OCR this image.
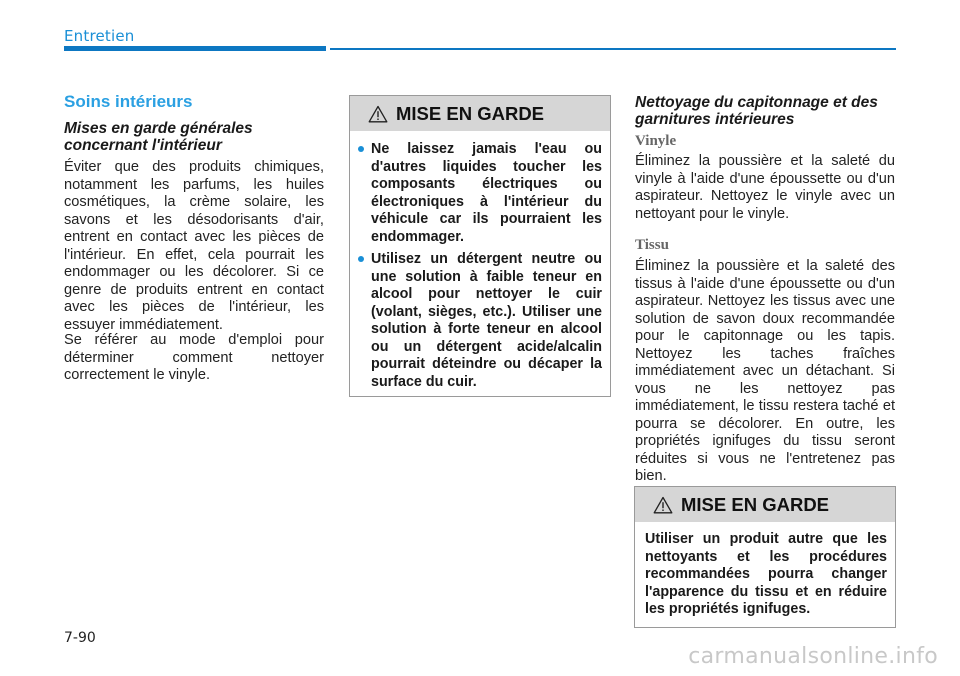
Entretien
Soins intérieurs
Mises en garde générales concernant l'intérieur

Éviter que des produits chimiques, notamment les parfums, les huiles cosmétiques, la crème solaire, les savons et les désodorisants d'air, entrent en contact avec les pièces de l'intérieur. En effet, cela pourrait les endommager ou les décolorer. Si ce genre de produits entrent en contact avec les pièces de l'intérieur, les essuyer immédiatement.

Se référer au mode d'emploi pour déterminer comment nettoyer correctement le vinyle.

MISE EN GARDE
Ne laissez jamais l'eau ou d'autres liquides toucher les composants électriques ou électroniques à l'intérieur du véhicule car ils pourraient les endommager.
Utilisez un détergent neutre ou une solution à faible teneur en alcool pour nettoyer le cuir (volant, sièges, etc.). Utiliser une solution à forte teneur en alcool ou un détergent acide/alcalin pourrait déteindre ou décaper la surface du cuir.
Nettoyage du capitonnage et des garnitures intérieures
Vinyle

Éliminez la poussière et la saleté du vinyle à l'aide d'une époussette ou d'un aspirateur. Nettoyez le vinyle avec un nettoyant pour le vinyle.

Tissu

Éliminez la poussière et la saleté des tissus à l'aide d'une époussette ou d'un aspirateur. Nettoyez les tissus avec une solution de savon doux recommandée pour le capitonnage ou les tapis. Nettoyez les taches fraîches immédiatement avec un détachant. Si vous ne les nettoyez pas immédiatement, le tissu restera taché et pourra se décolorer. En outre, les propriétés ignifuges du tissu seront réduites si vous ne l'entretenez pas bien.

MISE EN GARDE

Utiliser un produit autre que les nettoyants et les procédures recommandées pourra changer l'apparence du tissu et en réduire les propriétés ignifuges.

7-90
carmanualsonline.info
